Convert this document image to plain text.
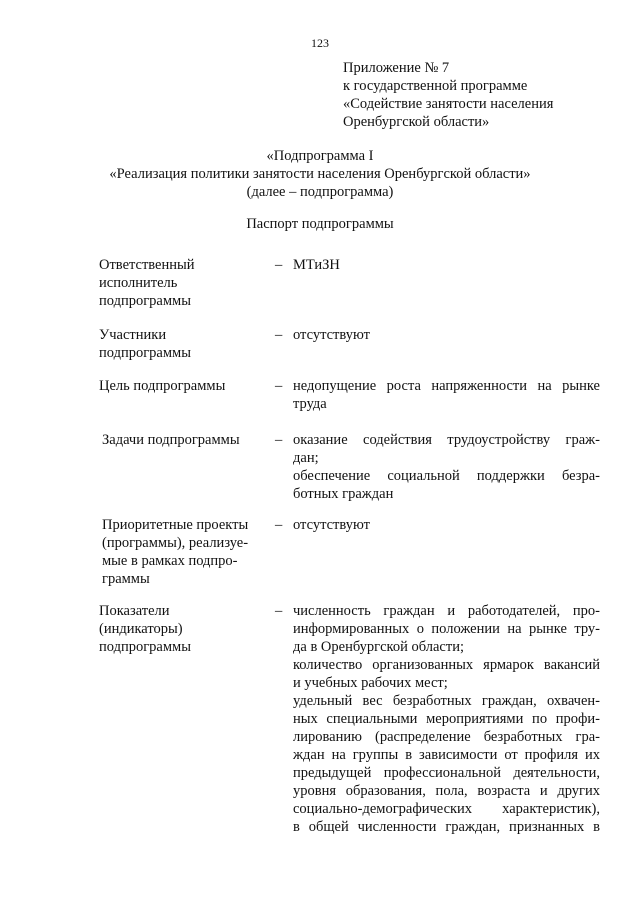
123
Приложение № 7
к государственной программе
«Содействие занятости населения
Оренбургской области»
«Подпрограмма I
«Реализация политики занятости населения Оренбургской области»
(далее – подпрограмма)
Паспорт подпрограммы
Ответственный
исполнитель
подпрограммы
– МТиЗН

Участники
подпрограммы
– отсутствуют

Цель подпрограммы	– недопущение роста напряженности на рынке
труда

Задачи подпрограммы	– оказание содействия трудоустройству граж-
дан;

обеспечение социальной поддержки безра-
ботных граждан

Приоритетные проекты
(программы), реализуе-
мые в рамках подпро-
граммы
– отсутствуют

Показатели
(индикаторы)
подпрограммы
– численность граждан и работодателей, про-
информированных о положении на рынке тру-
да в Оренбургской области;

количество организованных ярмарок вакансий
и учебных рабочих мест;

удельный вес безработных граждан, охвачен-
ных специальными мероприятиями по профи-
лированию (распределение безработных гра-
ждан на группы в зависимости от профиля их
предыдущей профессиональной деятельности,
уровня образования, пола, возраста и других
социально-демографических характеристик),
в общей численности граждан, признанных в
